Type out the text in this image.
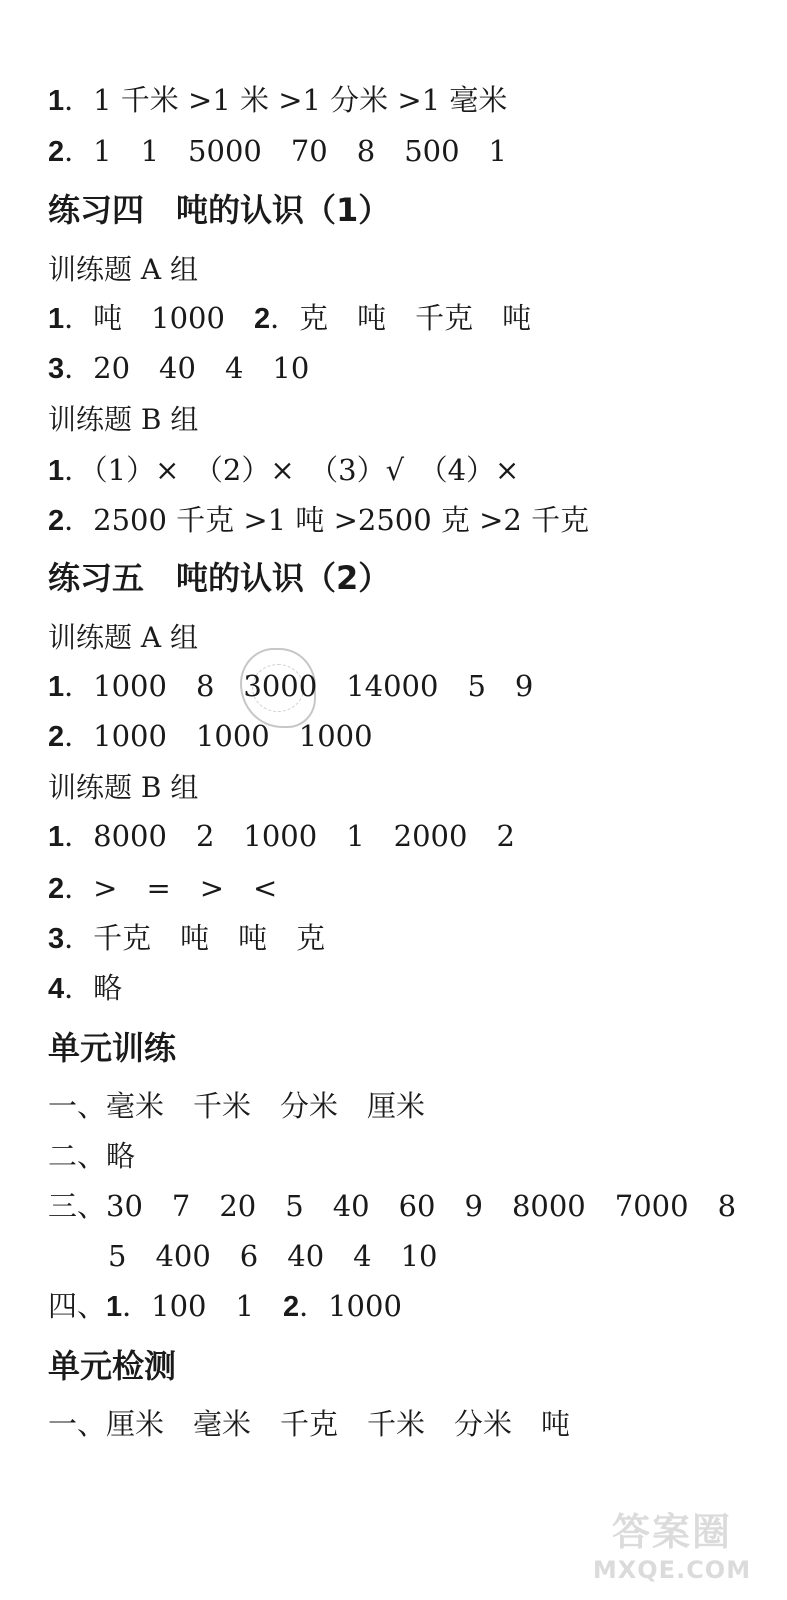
1．1 千米 >1 米 >1 分米 >1 毫米
2．1　1　5000　70　8　500　1
练习四　吨的认识（1）
训练题 A 组
1．吨　1000　2．克　吨　千克　吨
3．20　40　4　10
训练题 B 组
1．（1）×　（2）×　（3）√　（4）×
2．2500 千克 >1 吨 >2500 克 >2 千克
练习五　吨的认识（2）
训练题 A 组
1．1000　8　3000　14000　5　9
2．1000　1000　1000
训练题 B 组
1．8000　2　1000　1　2000　2
2．>　=　>　<
3．千克　吨　吨　克
4．略
单元训练
一、毫米　千米　分米　厘米
二、略
三、30　7　20　5　40　60　9　8000　7000　8
5　400　6　40　4　10
四、1．100　1　2．1000
单元检测
一、厘米　毫米　千克　千米　分米　吨
答案圈
MXQE.COM
